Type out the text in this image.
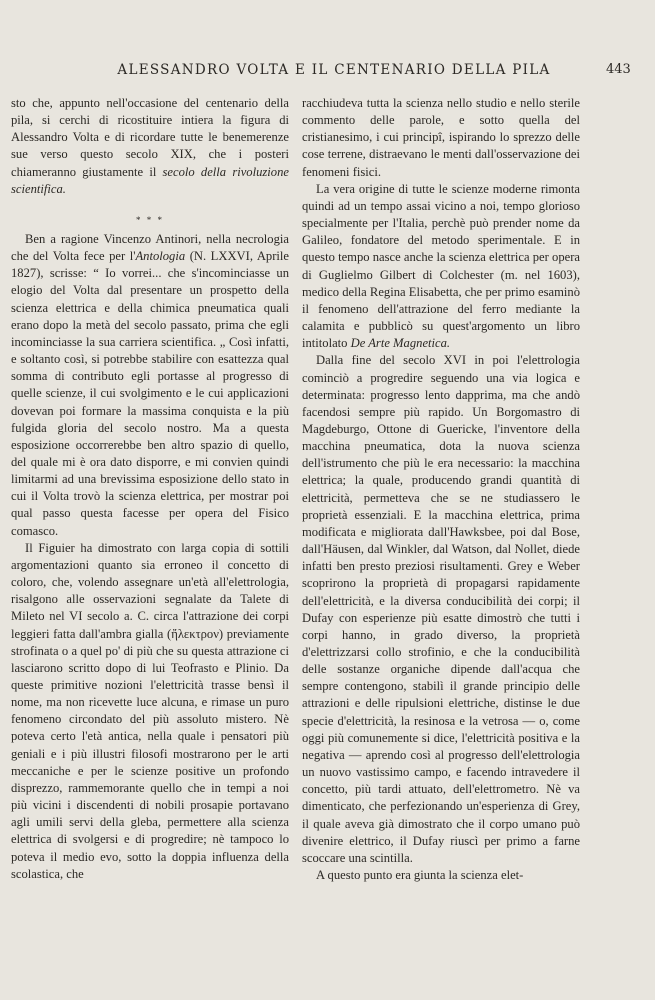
ALESSANDRO VOLTA E IL CENTENARIO DELLA PILA	443

sto che, appunto nell'occasione del centenario della pila, si cerchi di ricostituire intiera la figura di Alessandro Volta e di ricordare tutte le benemerenze sue verso questo secolo XIX, che i posteri chiameranno giustamente il secolo della rivoluzione scientifica.

* * *

Ben a ragione Vincenzo Antinori, nella necrologia che del Volta fece per l'Antologia (N. LXXVI, Aprile 1827), scrisse: “ Io vorrei... che s'incominciasse un elogio del Volta dal presentare un prospetto della scienza elettrica e della chimica pneumatica quali erano dopo la metà del secolo passato, prima che egli incominciasse la sua carriera scientifica. „ Così infatti, e soltanto così, si potrebbe stabilire con esattezza qual somma di contributo egli portasse al progresso di quelle scienze, il cui svolgimento e le cui applicazioni dovevan poi formare la massima conquista e la più fulgida gloria del secolo nostro. Ma a questa esposizione occorrerebbe ben altro spazio di quello, del quale mi è ora dato disporre, e mi convien quindi limitarmi ad una brevissima esposizione dello stato in cui il Volta trovò la scienza elettrica, per mostrar poi qual passo questa facesse per opera del Fisico comasco.

Il Figuier ha dimostrato con larga copia di sottili argomentazioni quanto sia erroneo il concetto di coloro, che, volendo assegnare un'età all'elettrologia, risalgono alle osservazioni segnalate da Talete di Mileto nel VI secolo a. C. circa l'attrazione dei corpi leggieri fatta dall'ambra gialla (ἤλεκτρον) previamente strofinata o a quel po' di più che su questa attrazione ci lasciarono scritto dopo di lui Teofrasto e Plinio. Da queste primitive nozioni l'elettricità trasse bensì il nome, ma non ricevette luce alcuna, e rimase un puro fenomeno circondato del più assoluto mistero. Nè poteva certo l'età antica, nella quale i pensatori più geniali e i più illustri filosofi mostrarono per le arti meccaniche e per le scienze positive un profondo disprezzo, rammemorante quello che in tempi a noi più vicini i discendenti di nobili prosapie portavano agli umili servi della gleba, permettere alla scienza elettrica di svolgersi e di progredire; nè tampoco lo poteva il medio evo, sotto la doppia influenza della scolastica, che

racchiudeva tutta la scienza nello studio e nello sterile commento delle parole, e sotto quella del cristianesimo, i cui principî, ispirando lo sprezzo delle cose terrene, distraevano le menti dall'osservazione dei fenomeni fisici.

La vera origine di tutte le scienze moderne rimonta quindi ad un tempo assai vicino a noi, tempo glorioso specialmente per l'Italia, perchè può prender nome da Galileo, fondatore del metodo sperimentale. E in questo tempo nasce anche la scienza elettrica per opera di Guglielmo Gilbert di Colchester (m. nel 1603), medico della Regina Elisabetta, che per primo esaminò il fenomeno dell'attrazione del ferro mediante la calamita e pubblicò su quest'argomento un libro intitolato De Arte Magnetica.

Dalla fine del secolo XVI in poi l'elettrologia cominciò a progredire seguendo una via logica e determinata: progresso lento dapprima, ma che andò facendosi sempre più rapido. Un Borgomastro di Magdeburgo, Ottone di Guericke, l'inventore della macchina pneumatica, dota la nuova scienza dell'istrumento che più le era necessario: la macchina elettrica; la quale, producendo grandi quantità di elettricità, permetteva che se ne studiassero le proprietà essenziali. E la macchina elettrica, prima modificata e migliorata dall'Hawksbee, poi dal Bose, dall'Häusen, dal Winkler, dal Watson, dal Nollet, diede infatti ben presto preziosi risultamenti. Grey e Weber scoprirono la proprietà di propagarsi rapidamente dell'elettricità, e la diversa conducibilità dei corpi; il Dufay con esperienze più esatte dimostrò che tutti i corpi hanno, in grado diverso, la proprietà d'elettrizzarsi collo strofinio, e che la conducibilità delle sostanze organiche dipende dall'acqua che sempre contengono, stabilì il grande principio delle attrazioni e delle ripulsioni elettriche, distinse le due specie d'elettricità, la resinosa e la vetrosa — o, come oggi più comunemente si dice, l'elettricità positiva e la negativa — aprendo così al progresso dell'elettrologia un nuovo vastissimo campo, e facendo intravedere il concetto, più tardi attuato, dell'elettrometro. Nè va dimenticato, che perfezionando un'esperienza di Grey, il quale aveva già dimostrato che il corpo umano può divenire elettrico, il Dufay riuscì per primo a farne scoccare una scintilla.

A questo punto era giunta la scienza elet-
